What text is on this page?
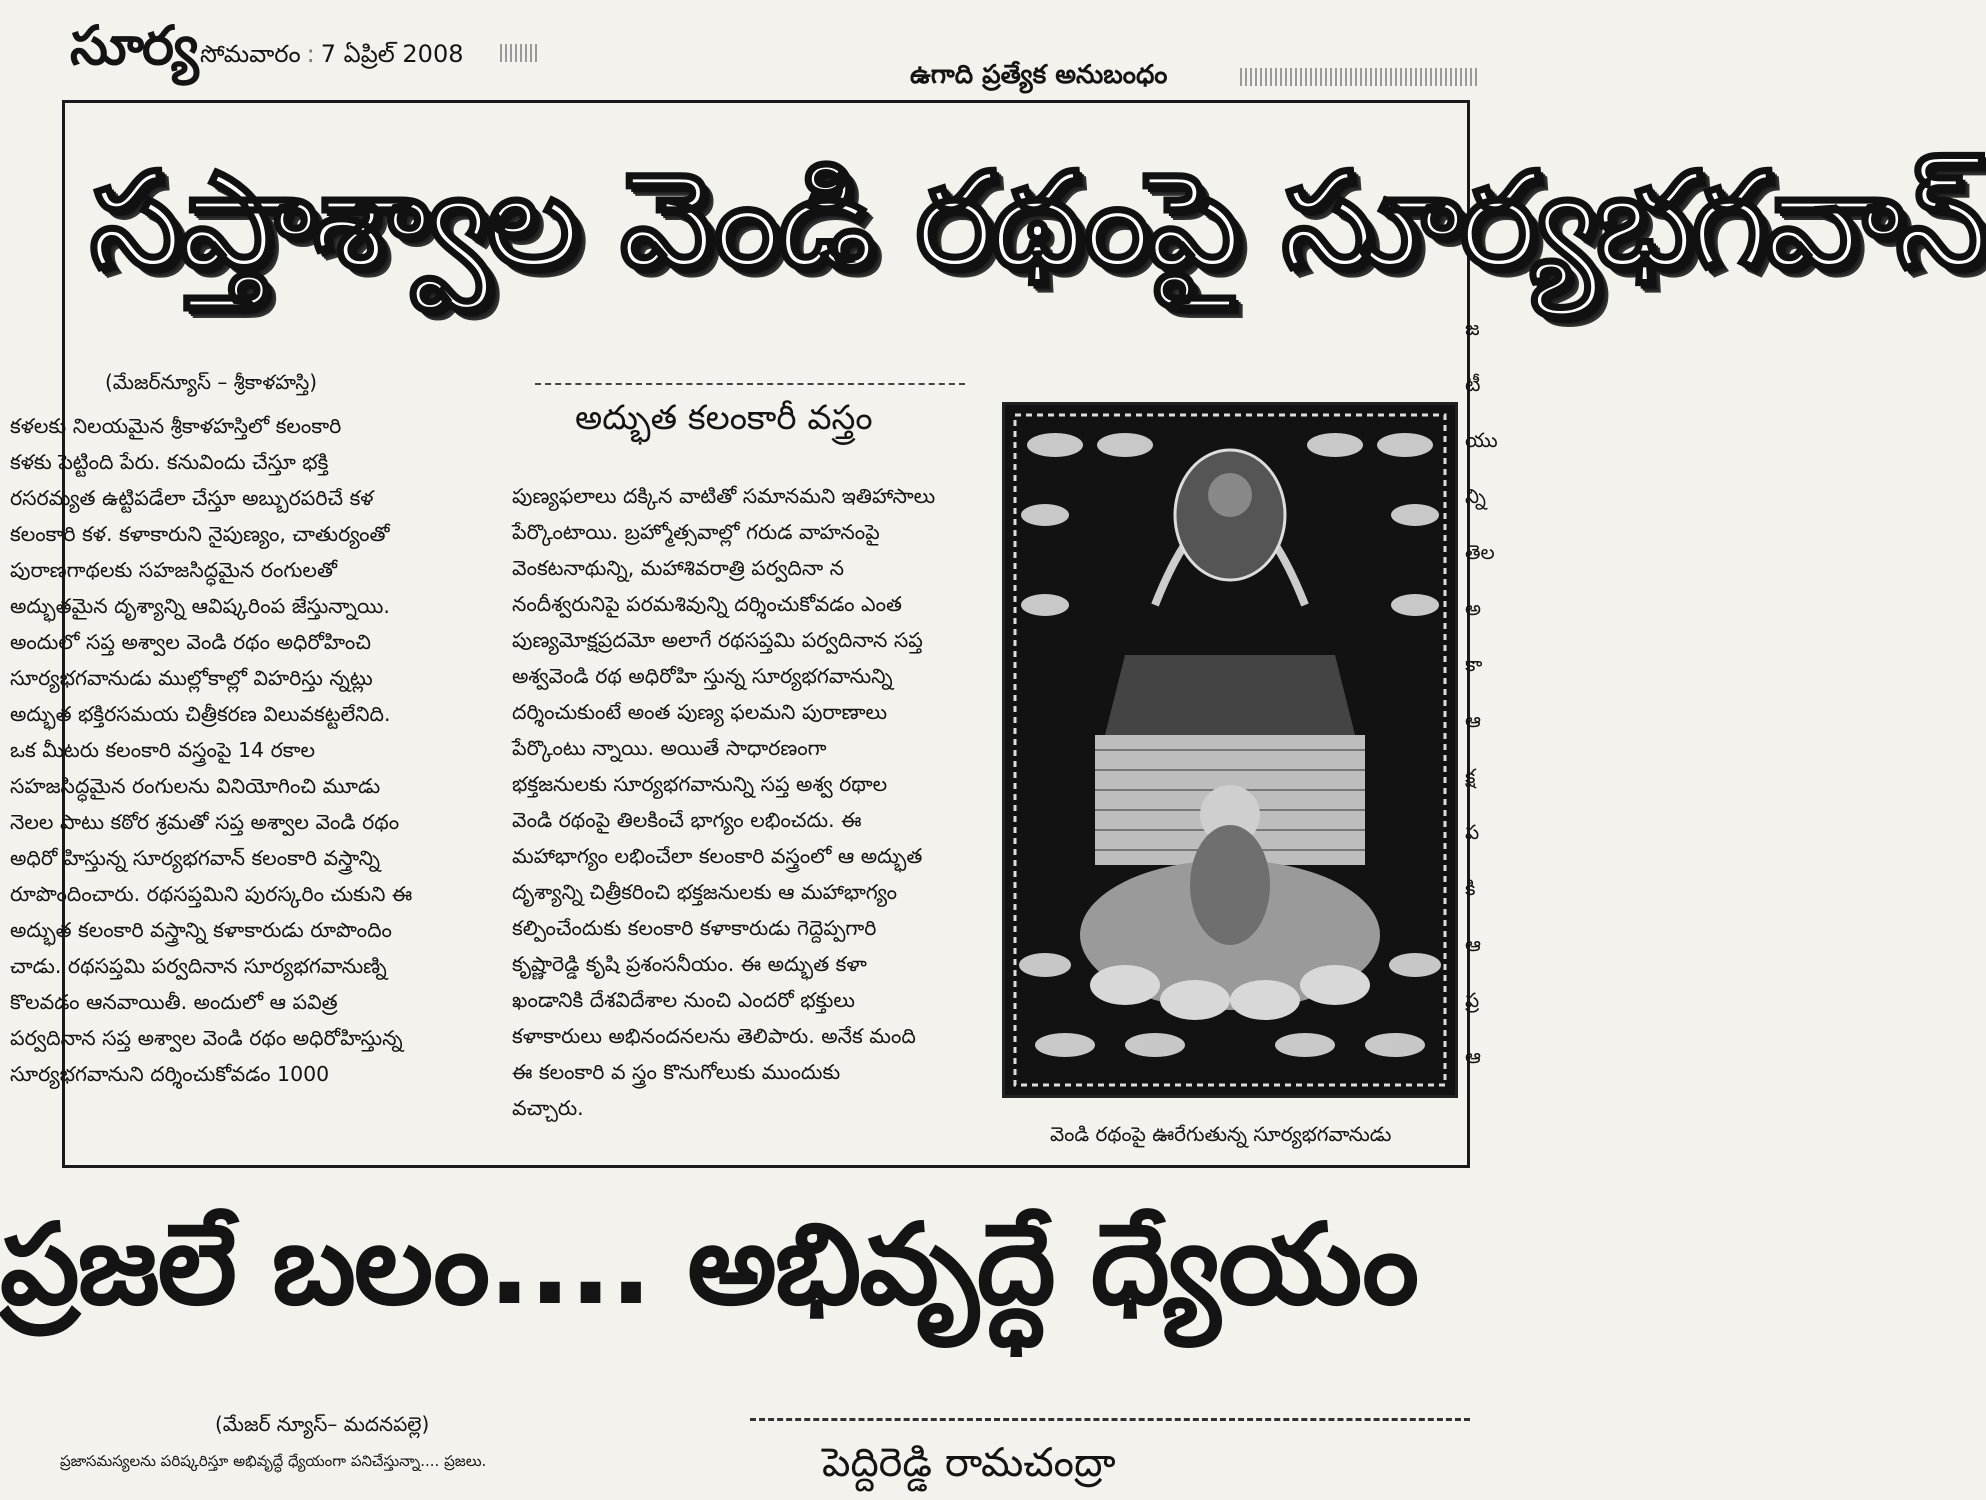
సూర్య సోమవారం : 7 ఏప్రిల్ 2008
ఉగాది ప్రత్యేక అనుబంధం
సప్తాశ్వాల వెండి రథంపై సూర్యభగవాన్
(మేజర్‌న్యూస్ – శ్రీకాళహస్తి)

కళలకు నిలయమైన శ్రీకాళహస్తిలో కలంకారి

కళకు పెట్టింది పేరు. కనువిందు చేస్తూ భక్తి

రసరమ్యత ఉట్టిపడేలా చేస్తూ అబ్బురపరిచే కళ

కలంకారి కళ. కళాకారుని నైపుణ్యం, చాతుర్యంతో

పురాణగాథలకు సహజసిద్ధమైన రంగులతో

అద్భుతమైన దృశ్యాన్ని ఆవిష్కరింప జేస్తున్నాయి.

అందులో సప్త అశ్వాల వెండి రథం అధిరోహించి

సూర్యభగవానుడు ముల్లోకాల్లో విహరిస్తు న్నట్లు

అద్భుత భక్తిరసమయ చిత్రీకరణ విలువకట్టలేనిది.

ఒక మీటరు కలంకారి వస్త్రంపై 14 రకాల

సహజసిద్ధమైన రంగులను వినియోగించి మూడు

నెలల పాటు కఠోర శ్రమతో సప్త అశ్వాల వెండి రథం

అధిరో హిస్తున్న సూర్యభగవాన్ కలంకారి వస్త్రాన్ని

రూపొందించారు. రథసప్తమిని పురస్కరిం చుకుని ఈ

అద్భుత కలంకారి వస్త్రాన్ని కళాకారుడు రూపొందిం

చాడు. రథసప్తమి పర్వదినాన సూర్యభగవానుణ్ని

కొలవడం ఆనవాయితీ. అందులో ఆ పవిత్ర

పర్వదినాన సప్త అశ్వాల వెండి రథం అధిరోహిస్తున్న

సూర్యభగవానుని దర్శించుకోవడం 1000

అద్భుత కలంకారీ వస్త్రం

పుణ్యఫలాలు దక్కిన వాటితో సమానమని ఇతిహాసాలు

పేర్కొంటాయి. బ్రహ్మోత్సవాల్లో గరుడ వాహనంపై

వెంకటనాథున్ని, మహాశివరాత్రి పర్వదినా న

నందీశ్వరునిపై పరమశివున్ని దర్శించుకోవడం ఎంత

పుణ్యమోక్షప్రదమో అలాగే రథసప్తమి పర్వదినాన సప్త

అశ్వవెండి రథ అధిరోహి స్తున్న సూర్యభగవానున్ని

దర్శించుకుంటే అంత పుణ్య ఫలమని పురాణాలు

పేర్కొంటు న్నాయి. అయితే సాధారణంగా

భక్తజనులకు సూర్యభగవానున్ని సప్త అశ్వ రథాల

వెండి రథంపై తిలకించే భాగ్యం లభించదు. ఈ

మహాభాగ్యం లభించేలా కలంకారి వస్త్రంలో ఆ అద్భుత

దృశ్యాన్ని చిత్రీకరించి భక్తజనులకు ఆ మహాభాగ్యం

కల్పించేందుకు కలంకారి కళాకారుడు గెద్దెప్పగారి

కృష్ణారెడ్డి కృషి ప్రశంసనీయం. ఈ అద్భుత కళా

ఖండానికి దేశవిదేశాల నుంచి ఎందరో భక్తులు

కళాకారులు అభినందనలను తెలిపారు. అనేక మంది

ఈ కలంకారి వ స్త్రం కొనుగోలుకు ముందుకు

వచ్చారు.

వెండి రథంపై ఊరేగుతున్న సూర్యభగవానుడు

జ

టీ

యు

న్ని

తెల

అ

కా

ఆ

క్ష

ప

కి

ఆ

ప్ర

ఆ

ప్రజలే బలం.... అభివృద్ధే ధ్యేయం
(మేజర్ న్యూస్– మదనపల్లె)
ప్రజాసమస్యలను పరిష్కరిస్తూ అభివృద్ధే ధ్యేయంగా పనిచేస్తున్నా.... ప్రజలు.	పెద్దిరెడ్డి రామచంద్రా
